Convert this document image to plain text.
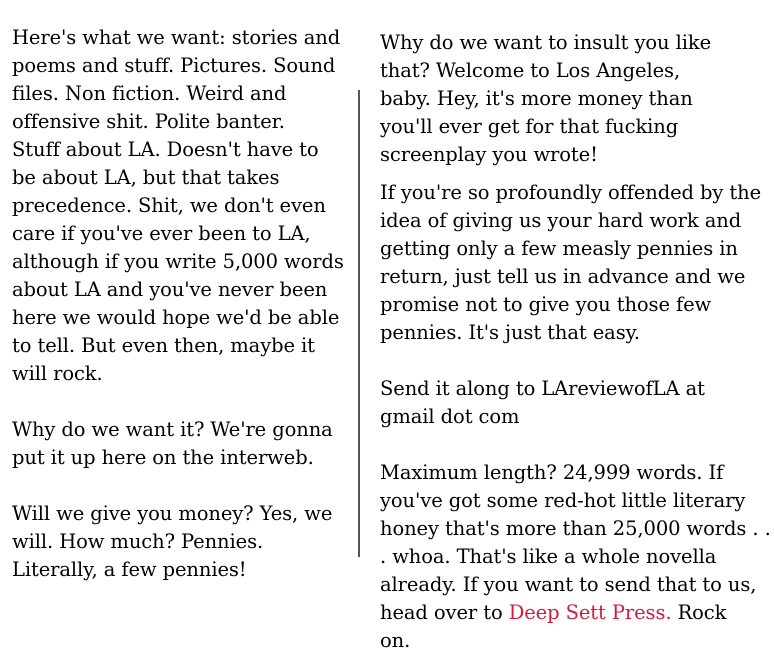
Here's what we want: stories and

poems and stuff. Pictures. Sound

files. Non fiction. Weird and

offensive shit. Polite banter.

Stuff about LA. Doesn't have to

be about LA, but that takes

precedence. Shit, we don't even

care if you've ever been to LA,

although if you write 5,000 words

about LA and you've never been

here we would hope we'd be able

to tell. But even then, maybe it

will rock.

Why do we want it? We're gonna

put it up here on the interweb.

Will we give you money? Yes, we

will. How much? Pennies.

Literally, a few pennies!

Why do we want to insult you like

that? Welcome to Los Angeles,

baby. Hey, it's more money than

you'll ever get for that fucking

screenplay you wrote!

If you're so profoundly offended by the

idea of giving us your hard work and

getting only a few measly pennies in

return, just tell us in advance and we

promise not to give you those few

pennies. It's just that easy.

Send it along to LAreviewofLA at

gmail dot com

Maximum length? 24,999 words. If

you've got some red-hot little literary

honey that's more than 25,000 words . .

. whoa. That's like a whole novella

already. If you want to send that to us,

head over to Deep Sett Press. Rock

on.
